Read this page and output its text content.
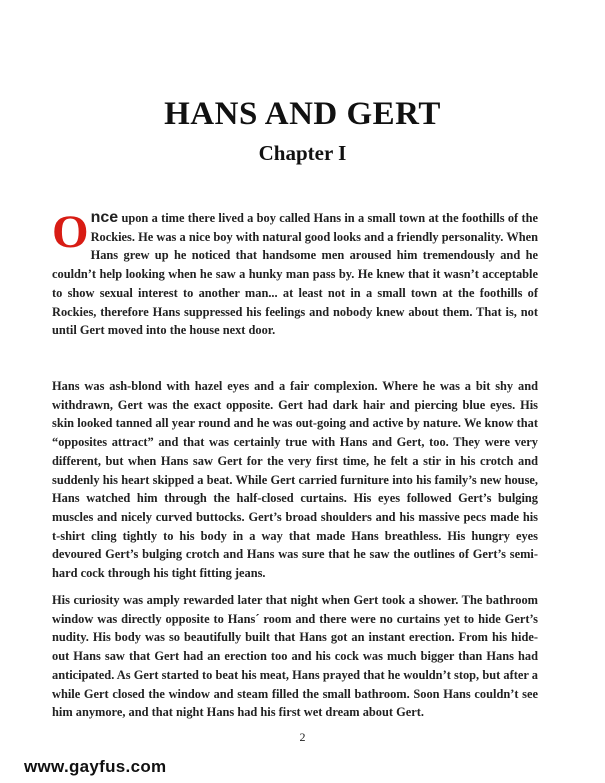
HANS AND GERT
Chapter I
Once upon a time there lived a boy called Hans in a small town at the foothills of the Rockies. He was a nice boy with natural good looks and a friendly personality. When Hans grew up he noticed that handsome men aroused him tremendously and he couldn’t help looking when he saw a hunky man pass by. He knew that it wasn’t acceptable to show sexual interest to another man... at least not in a small town at the foothills of Rockies, therefore Hans suppressed his feelings and nobody knew about them. That is, not until Gert moved into the house next door.
Hans was ash-blond with hazel eyes and a fair complexion. Where he was a bit shy and withdrawn, Gert was the exact opposite. Gert had dark hair and piercing blue eyes. His skin looked tanned all year round and he was out-going and active by nature. We know that “opposites attract” and that was certainly true with Hans and Gert, too. They were very different, but when Hans saw Gert for the very first time, he felt a stir in his crotch and suddenly his heart skipped a beat. While Gert carried furniture into his family’s new house, Hans watched him through the half-closed curtains. His eyes followed Gert’s bulging muscles and nicely curved buttocks. Gert’s broad shoulders and his massive pecs made his t-shirt cling tightly to his body in a way that made Hans breathless. His hungry eyes devoured Gert’s bulging crotch and Hans was sure that he saw the outlines of Gert’s semi-hard cock through his tight fitting jeans.
His curiosity was amply rewarded later that night when Gert took a shower. The bathroom window was directly opposite to Hans´ room and there were no curtains yet to hide Gert’s nudity. His body was so beautifully built that Hans got an instant erection. From his hide-out Hans saw that Gert had an erection too and his cock was much bigger than Hans had anticipated. As Gert started to beat his meat, Hans prayed that he wouldn’t stop, but after a while Gert closed the window and steam filled the small bathroom. Soon Hans couldn’t see him anymore, and that night Hans had his first wet dream about Gert.
2
www.gayfus.com
